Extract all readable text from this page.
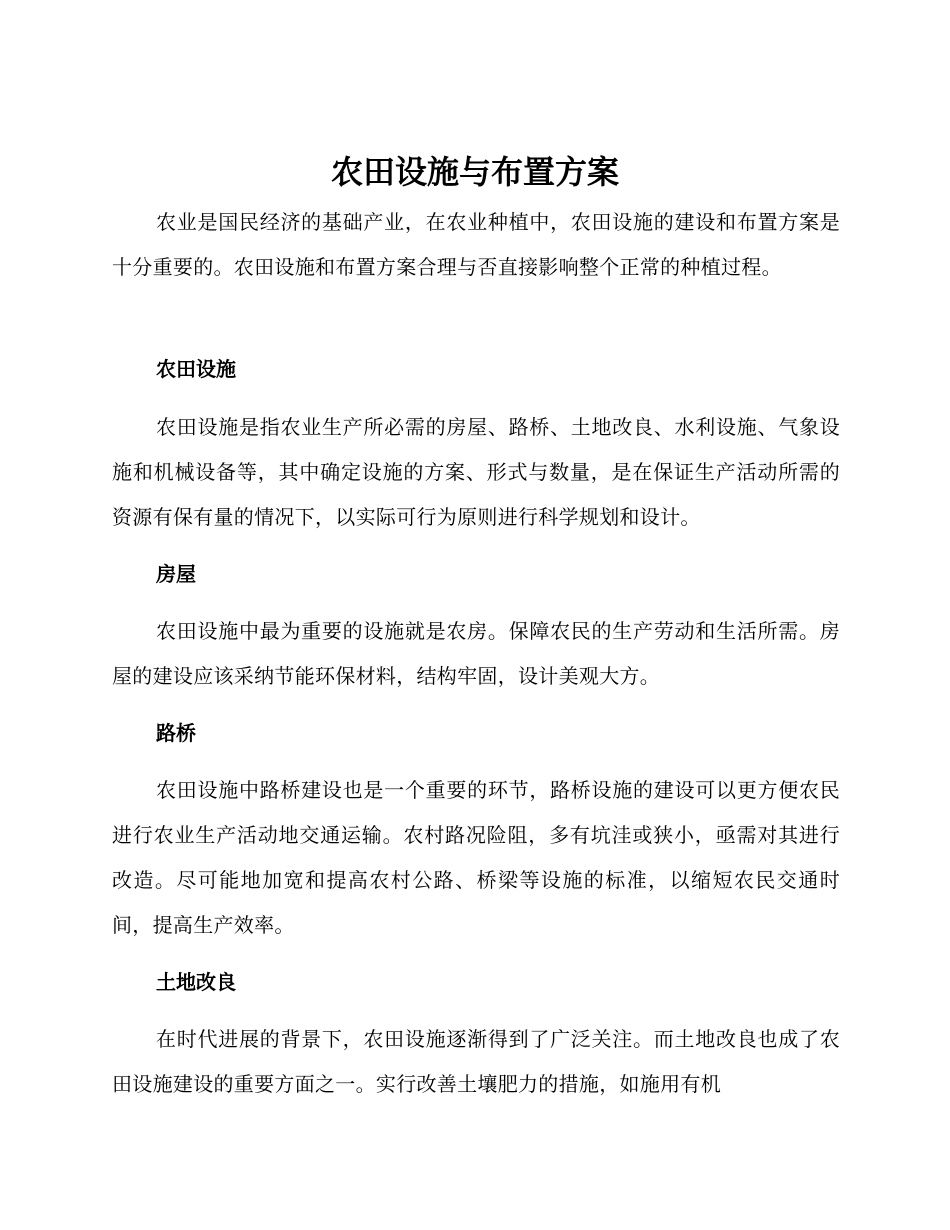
农田设施与布置方案

农业是国民经济的基础产业，在农业种植中，农田设施的建设和布置方案是十分重要的。农田设施和布置方案合理与否直接影响整个正常的种植过程。

农田设施

农田设施是指农业生产所必需的房屋、路桥、土地改良、水利设施、气象设施和机械设备等，其中确定设施的方案、形式与数量，是在保证生产活动所需的资源有保有量的情况下，以实际可行为原则进行科学规划和设计。

房屋

农田设施中最为重要的设施就是农房。保障农民的生产劳动和生活所需。房屋的建设应该采纳节能环保材料，结构牢固，设计美观大方。

路桥

农田设施中路桥建设也是一个重要的环节，路桥设施的建设可以更方便农民进行农业生产活动地交通运输。农村路况险阻，多有坑洼或狭小，亟需对其进行改造。尽可能地加宽和提高农村公路、桥梁等设施的标准，以缩短农民交通时间，提高生产效率。

土地改良

在时代进展的背景下，农田设施逐渐得到了广泛关注。而土地改良也成了农田设施建设的重要方面之一。实行改善土壤肥力的措施，如施用有机
